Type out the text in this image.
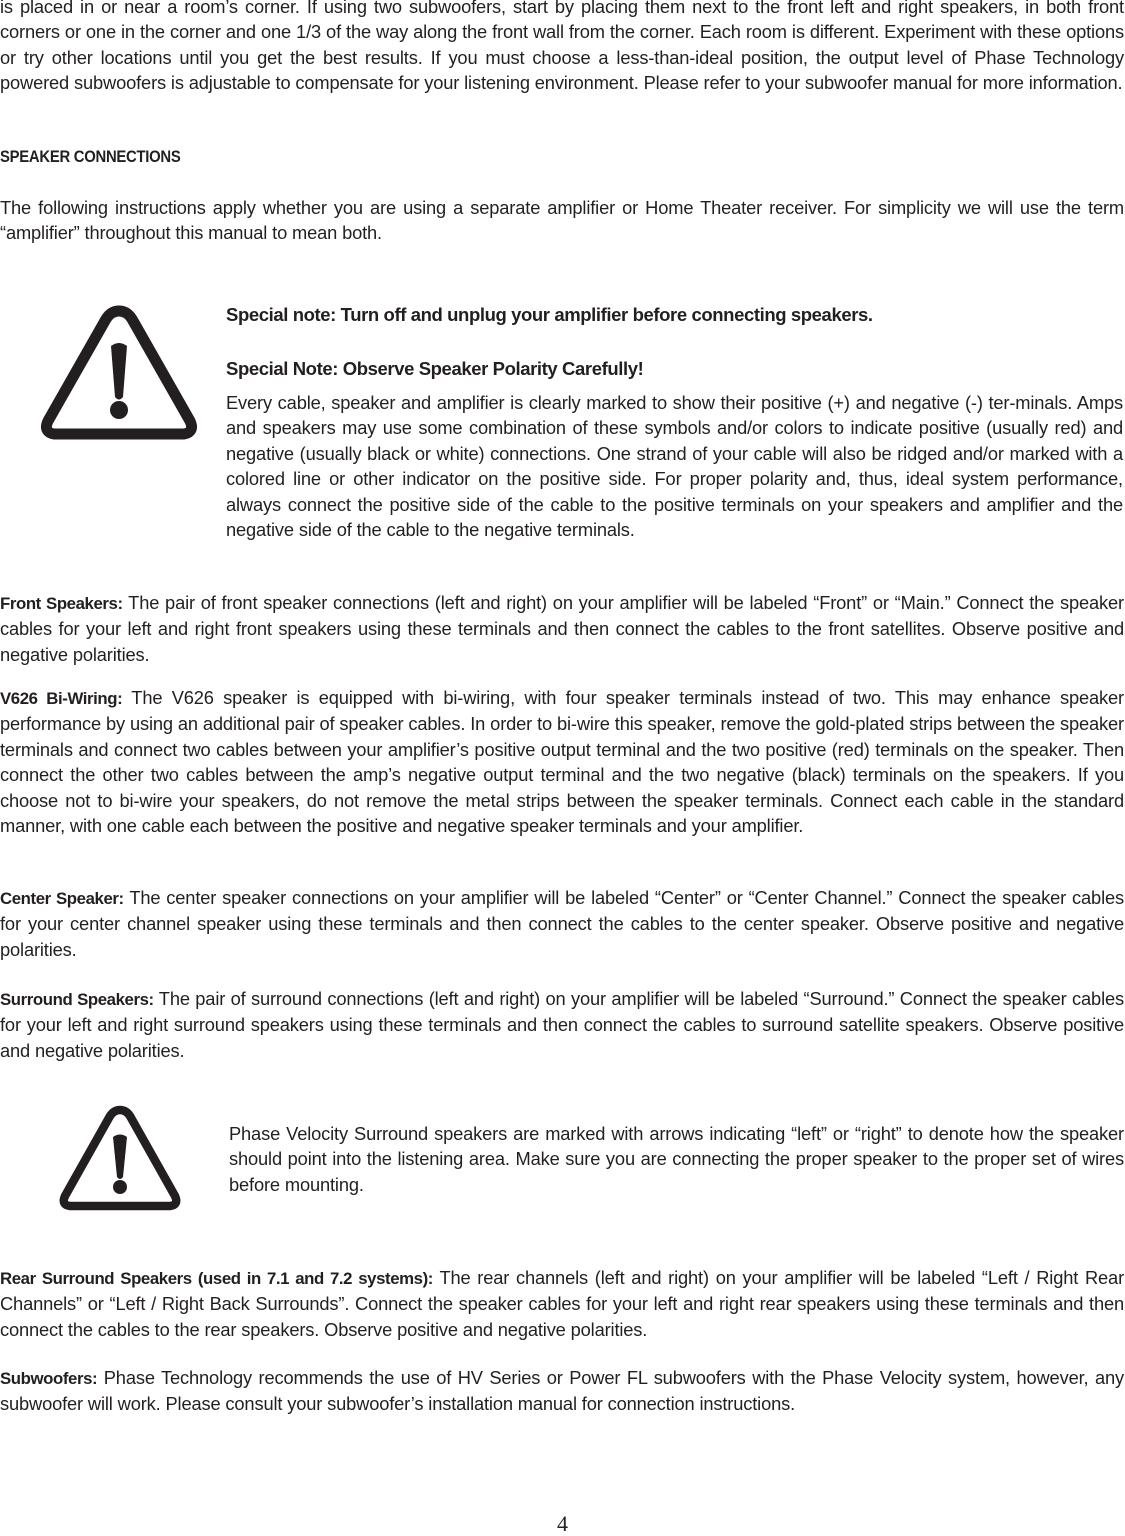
is placed in or near a room’s corner. If using two subwoofers, start by placing them next to the front left and right speakers, in both front corners or one in the corner and one 1/3 of the way along the front wall from the corner. Each room is different. Experiment with these options or try other locations until you get the best results. If you must choose a less-than-ideal position, the output level of Phase Technology powered subwoofers is adjustable to compensate for your listening environment. Please refer to your subwoofer manual for more information.

SPEAKER CONNECTIONS

The following instructions apply whether you are using a separate amplifier or Home Theater receiver. For simplicity we will use the term “amplifier” throughout this manual to mean both.

Special note: Turn off and unplug your amplifier before connecting speakers.
Special Note: Observe Speaker Polarity Carefully!

Every cable, speaker and amplifier is clearly marked to show their positive (+) and negative (-) ter-minals. Amps and speakers may use some combination of these symbols and/or colors to indicate positive (usually red) and negative (usually black or white) connections. One strand of your cable will also be ridged and/or marked with a colored line or other indicator on the positive side. For proper polarity and, thus, ideal system performance, always connect the positive side of the cable to the positive terminals on your speakers and amplifier and the negative side of the cable to the negative terminals.

Front Speakers: The pair of front speaker connections (left and right) on your amplifier will be labeled “Front” or “Main.” Connect the speaker cables for your left and right front speakers using these terminals and then connect the cables to the front satellites. Observe positive and negative polarities.

V626 Bi-Wiring: The V626 speaker is equipped with bi-wiring, with four speaker terminals instead of two. This may enhance speaker performance by using an additional pair of speaker cables. In order to bi-wire this speaker, remove the gold-plated strips between the speaker terminals and connect two cables between your amplifier’s positive output terminal and the two positive (red) terminals on the speaker. Then connect the other two cables between the amp’s negative output terminal and the two negative (black) terminals on the speakers. If you choose not to bi-wire your speakers, do not remove the metal strips between the speaker terminals. Connect each cable in the standard manner, with one cable each between the positive and negative speaker terminals and your amplifier.

Center Speaker: The center speaker connections on your amplifier will be labeled “Center” or “Center Channel.” Connect the speaker cables for your center channel speaker using these terminals and then connect the cables to the center speaker. Observe positive and negative polarities.

Surround Speakers: The pair of surround connections (left and right) on your amplifier will be labeled “Surround.” Connect the speaker cables for your left and right surround speakers using these terminals and then connect the cables to surround satellite speakers. Observe positive and negative polarities.

Phase Velocity Surround speakers are marked with arrows indicating “left” or “right” to denote how the speaker should point into the listening area. Make sure you are connecting the proper speaker to the proper set of wires before mounting.

Rear Surround Speakers (used in 7.1 and 7.2 systems): The rear channels (left and right) on your amplifier will be labeled “Left / Right Rear Channels” or “Left / Right Back Surrounds”. Connect the speaker cables for your left and right rear speakers using these terminals and then connect the cables to the rear speakers. Observe positive and negative polarities.

Subwoofers: Phase Technology recommends the use of HV Series or Power FL subwoofers with the Phase Velocity system, however, any subwoofer will work. Please consult your subwoofer’s installation manual for connection instructions.

4
